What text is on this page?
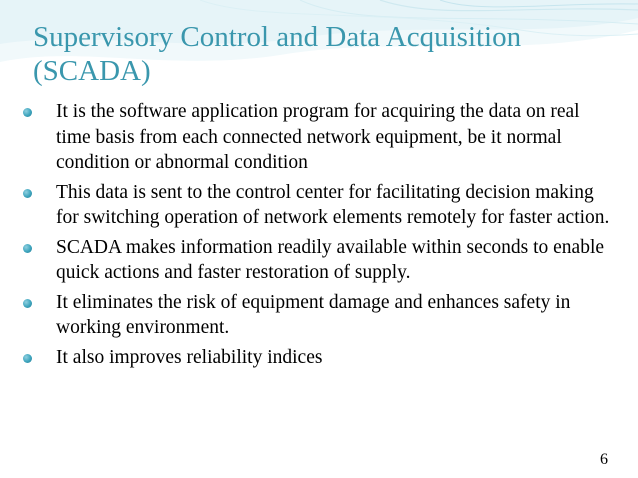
Supervisory Control and Data Acquisition (SCADA)
It is the software application program for acquiring the data on real time basis from each connected network equipment, be it normal condition or abnormal condition
This data is sent to the control center for facilitating decision making for switching operation of network elements remotely for faster action.
SCADA makes information readily available within seconds to enable quick actions and faster restoration of supply.
It eliminates the risk of equipment damage and enhances safety in working environment.
It also improves reliability indices
6
